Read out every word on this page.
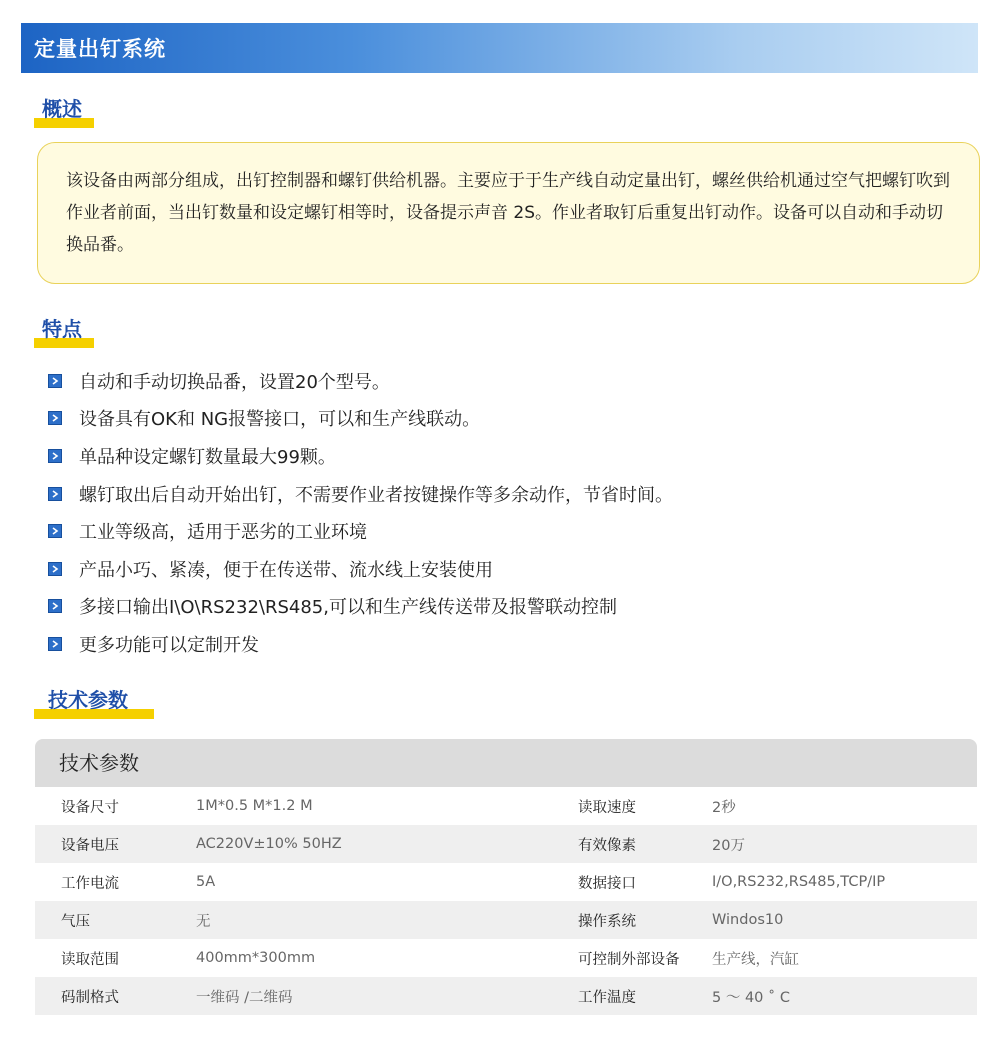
定量出钉系统
概述

该设备由两部分组成，出钉控制器和螺钉供给机器。主要应于于生产线自动定量出钉，螺丝供给机通过空气把螺钉吹到作业者前面，当出钉数量和设定螺钉相等时，设备提示声音 2S。作业者取钉后重复出钉动作。设备可以自动和手动切换品番。

特点
自动和手动切换品番，设置20个型号。
设备具有OK和 NG报警接口，可以和生产线联动。
单品种设定螺钉数量最大99颗。
螺钉取出后自动开始出钉，不需要作业者按键操作等多余动作，节省时间。
工业等级高，适用于恶劣的工业环境
产品小巧、紧凑，便于在传送带、流水线上安装使用
多接口输出I\O\RS232\RS485,可以和生产线传送带及报警联动控制
更多功能可以定制开发
技术参数
技术参数
设备尺寸	1M*0.5 M*1.2 M	读取速度	2秒
设备电压	AC220V±10% 50HZ	有效像素	20万
工作电流	5A	数据接口	I/O,RS232,RS485,TCP/IP
气压	无	操作系统	Windos10
读取范围	400mm*300mm	可控制外部设备	生产线，汽缸
码制格式	一维码 /二维码	工作温度	5 ～ 40 ˚ C
